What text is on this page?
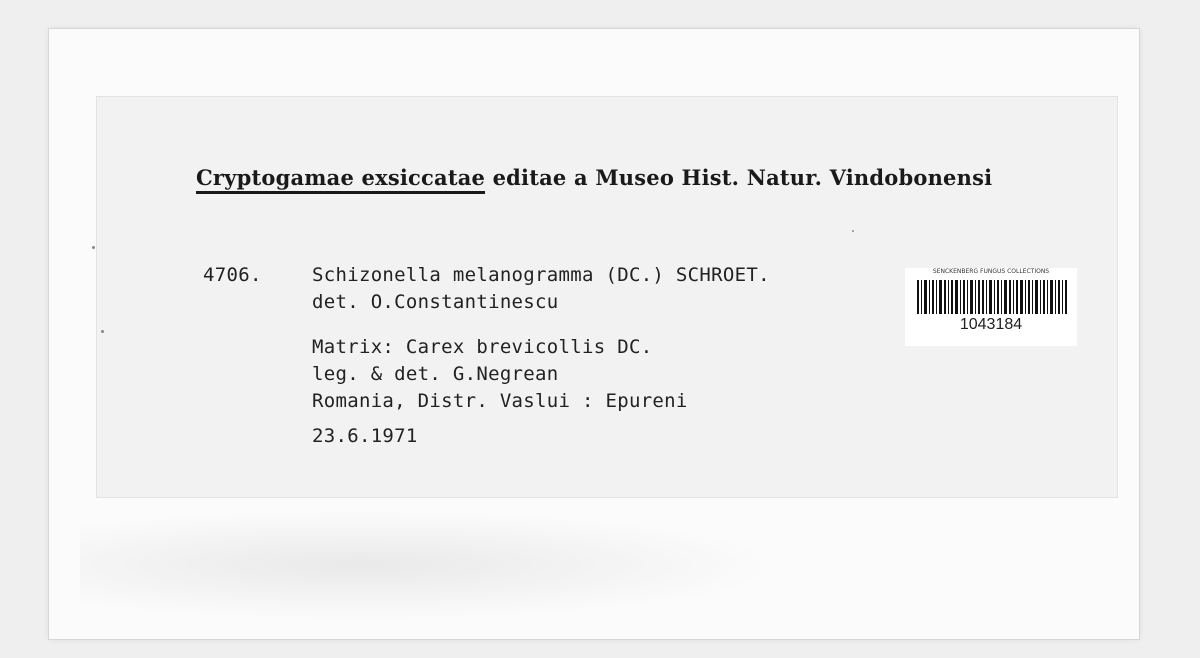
Cryptogamae exsiccatae editae a Museo Hist. Natur. Vindobonensi
4706.	Schizonella melanogramma (DC.) SCHROET.
det. O.Constantinescu
Matrix: Carex brevicollis DC.
leg. & det. G.Negrean
Romania, Distr. Vaslui : Epureni
23.6.1971
SENCKENBERG FUNGUS COLLECTIONS
1043184
